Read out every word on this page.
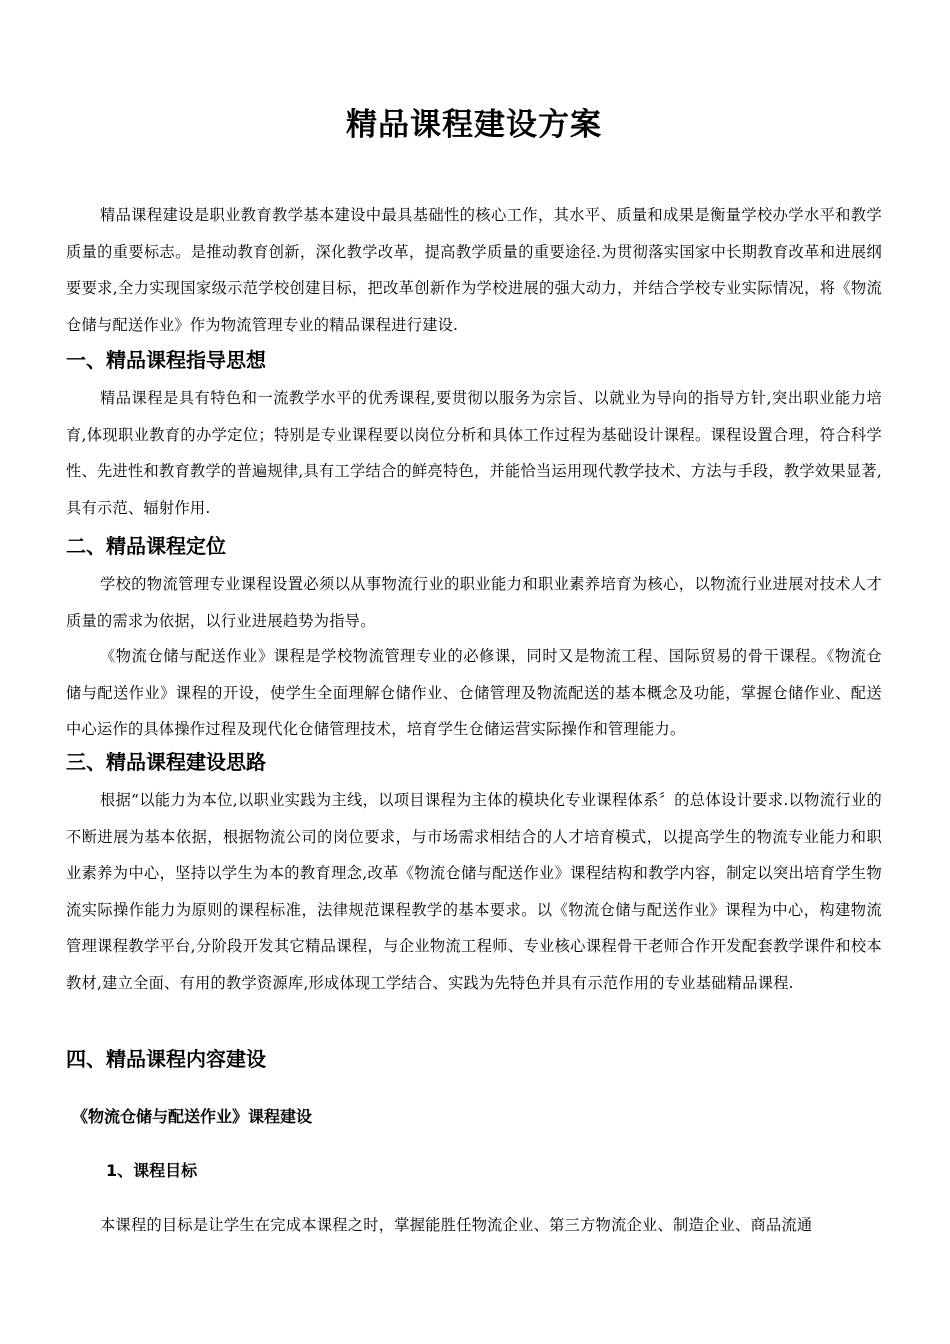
精品课程建设方案

精品课程建设是职业教育教学基本建设中最具基础性的核心工作，其水平、质量和成果是衡量学校办学水平和教学质量的重要标志。是推动教育创新，深化教学改革，提高教学质量的重要途径.为贯彻落实国家中长期教育改革和进展纲要要求,全力实现国家级示范学校创建目标，把改革创新作为学校进展的强大动力，并结合学校专业实际情况，将《物流仓储与配送作业》作为物流管理专业的精品课程进行建设.

一、精品课程指导思想

精品课程是具有特色和一流教学水平的优秀课程,要贯彻以服务为宗旨、以就业为导向的指导方针,突出职业能力培育,体现职业教育的办学定位；特别是专业课程要以岗位分析和具体工作过程为基础设计课程。课程设置合理，符合科学性、先进性和教育教学的普遍规律,具有工学结合的鲜亮特色，并能恰当运用现代教学技术、方法与手段，教学效果显著,具有示范、辐射作用.

二、精品课程定位

学校的物流管理专业课程设置必须以从事物流行业的职业能力和职业素养培育为核心，以物流行业进展对技术人才质量的需求为依据，以行业进展趋势为指导。

《物流仓储与配送作业》课程是学校物流管理专业的必修课，同时又是物流工程、国际贸易的骨干课程。《物流仓储与配送作业》课程的开设，使学生全面理解仓储作业、仓储管理及物流配送的基本概念及功能，掌握仓储作业、配送中心运作的具体操作过程及现代化仓储管理技术，培育学生仓储运营实际操作和管理能力。

三、精品课程建设思路

根据“以能力为本位,以职业实践为主线，以项目课程为主体的模块化专业课程体系〞的总体设计要求.以物流行业的不断进展为基本依据，根据物流公司的岗位要求，与市场需求相结合的人才培育模式，以提高学生的物流专业能力和职业素养为中心，坚持以学生为本的教育理念,改革《物流仓储与配送作业》课程结构和教学内容，制定以突出培育学生物流实际操作能力为原则的课程标准，法律规范课程教学的基本要求。以《物流仓储与配送作业》课程为中心，构建物流管理课程教学平台,分阶段开发其它精品课程，与企业物流工程师、专业核心课程骨干老师合作开发配套教学课件和校本教材,建立全面、有用的教学资源库,形成体现工学结合、实践为先特色并具有示范作用的专业基础精品课程.

四、精品课程内容建设
《物流仓储与配送作业》课程建设
1、课程目标

本课程的目标是让学生在完成本课程之时，掌握能胜任物流企业、第三方物流企业、制造企业、商品流通
